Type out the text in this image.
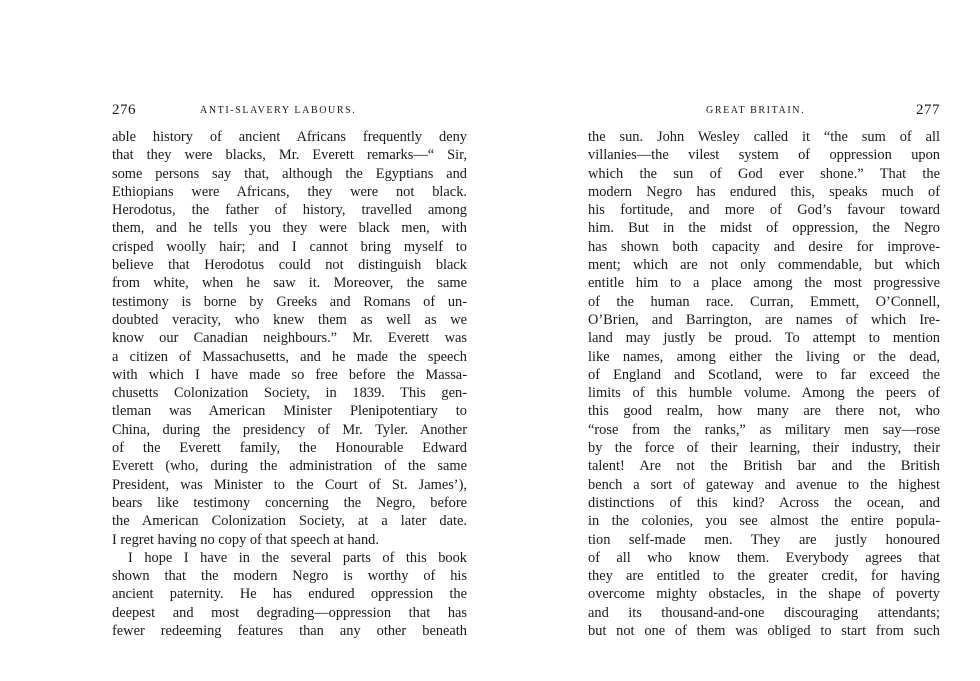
276	ANTI-SLAVERY LABOURS.
able history of ancient Africans frequently deny
that they were blacks, Mr. Everett remarks—“ Sir,
some persons say that, although the Egyptians and
Ethiopians were Africans, they were not black.
Herodotus, the father of history, travelled among
them, and he tells you they were black men, with
crisped woolly hair; and I cannot bring myself to
believe that Herodotus could not distinguish black
from white, when he saw it. Moreover, the same
testimony is borne by Greeks and Romans of un-
doubted veracity, who knew them as well as we
know our Canadian neighbours.” Mr. Everett was
a citizen of Massachusetts, and he made the speech
with which I have made so free before the Massa-
chusetts Colonization Society, in 1839. This gen-
tleman was American Minister Plenipotentiary to
China, during the presidency of Mr. Tyler. Another
of the Everett family, the Honourable Edward
Everett (who, during the administration of the same
President, was Minister to the Court of St. James’),
bears like testimony concerning the Negro, before
the American Colonization Society, at a later date.
I regret having no copy of that speech at hand.
I hope I have in the several parts of this book
shown that the modern Negro is worthy of his
ancient paternity. He has endured oppression the
deepest and most degrading—oppression that has
fewer redeeming features than any other beneath
GREAT BRITAIN.	277
the sun. John Wesley called it “the sum of all
villanies—the vilest system of oppression upon
which the sun of God ever shone.” That the
modern Negro has endured this, speaks much of
his fortitude, and more of God’s favour toward
him. But in the midst of oppression, the Negro
has shown both capacity and desire for improve-
ment; which are not only commendable, but which
entitle him to a place among the most progressive
of the human race. Curran, Emmett, O’Connell,
O’Brien, and Barrington, are names of which Ire-
land may justly be proud. To attempt to mention
like names, among either the living or the dead,
of England and Scotland, were to far exceed the
limits of this humble volume. Among the peers of
this good realm, how many are there not, who
“rose from the ranks,” as military men say—rose
by the force of their learning, their industry, their
talent! Are not the British bar and the British
bench a sort of gateway and avenue to the highest
distinctions of this kind? Across the ocean, and
in the colonies, you see almost the entire popula-
tion self-made men. They are justly honoured
of all who know them. Everybody agrees that
they are entitled to the greater credit, for having
overcome mighty obstacles, in the shape of poverty
and its thousand-and-one discouraging attendants;
but not one of them was obliged to start from such
